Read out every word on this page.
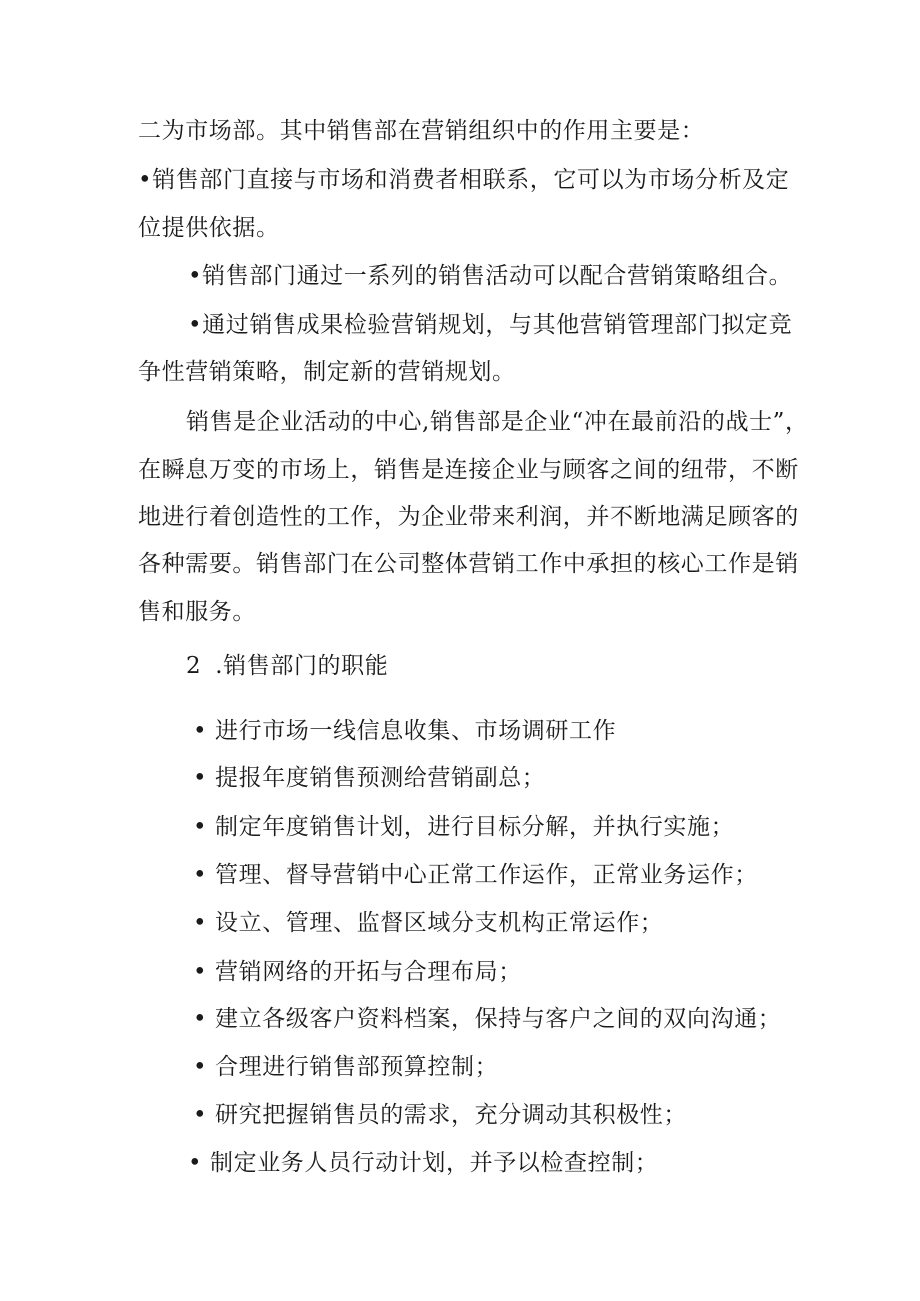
二为市场部。其中销售部在营销组织中的作用主要是：
•销售部门直接与市场和消费者相联系，它可以为市场分析及定
位提供依据。
•销售部门通过一系列的销售活动可以配合营销策略组合。
•通过销售成果检验营销规划，与其他营销管理部门拟定竞
争性营销策略，制定新的营销规划。
销售是企业活动的中心,销售部是企业“冲在最前沿的战士”，
在瞬息万变的市场上，销售是连接企业与顾客之间的纽带，不断
地进行着创造性的工作，为企业带来利润，并不断地满足顾客的
各种需要。销售部门在公司整体营销工作中承担的核心工作是销
售和服务。
2 .销售部门的职能
• 进行市场一线信息收集、市场调研工作
• 提报年度销售预测给营销副总；
• 制定年度销售计划，进行目标分解，并执行实施；
• 管理、督导营销中心正常工作运作，正常业务运作；
• 设立、管理、监督区域分支机构正常运作；
• 营销网络的开拓与合理布局；
• 建立各级客户资料档案，保持与客户之间的双向沟通；
• 合理进行销售部预算控制；
• 研究把握销售员的需求，充分调动其积极性；
• 制定业务人员行动计划，并予以检查控制；
